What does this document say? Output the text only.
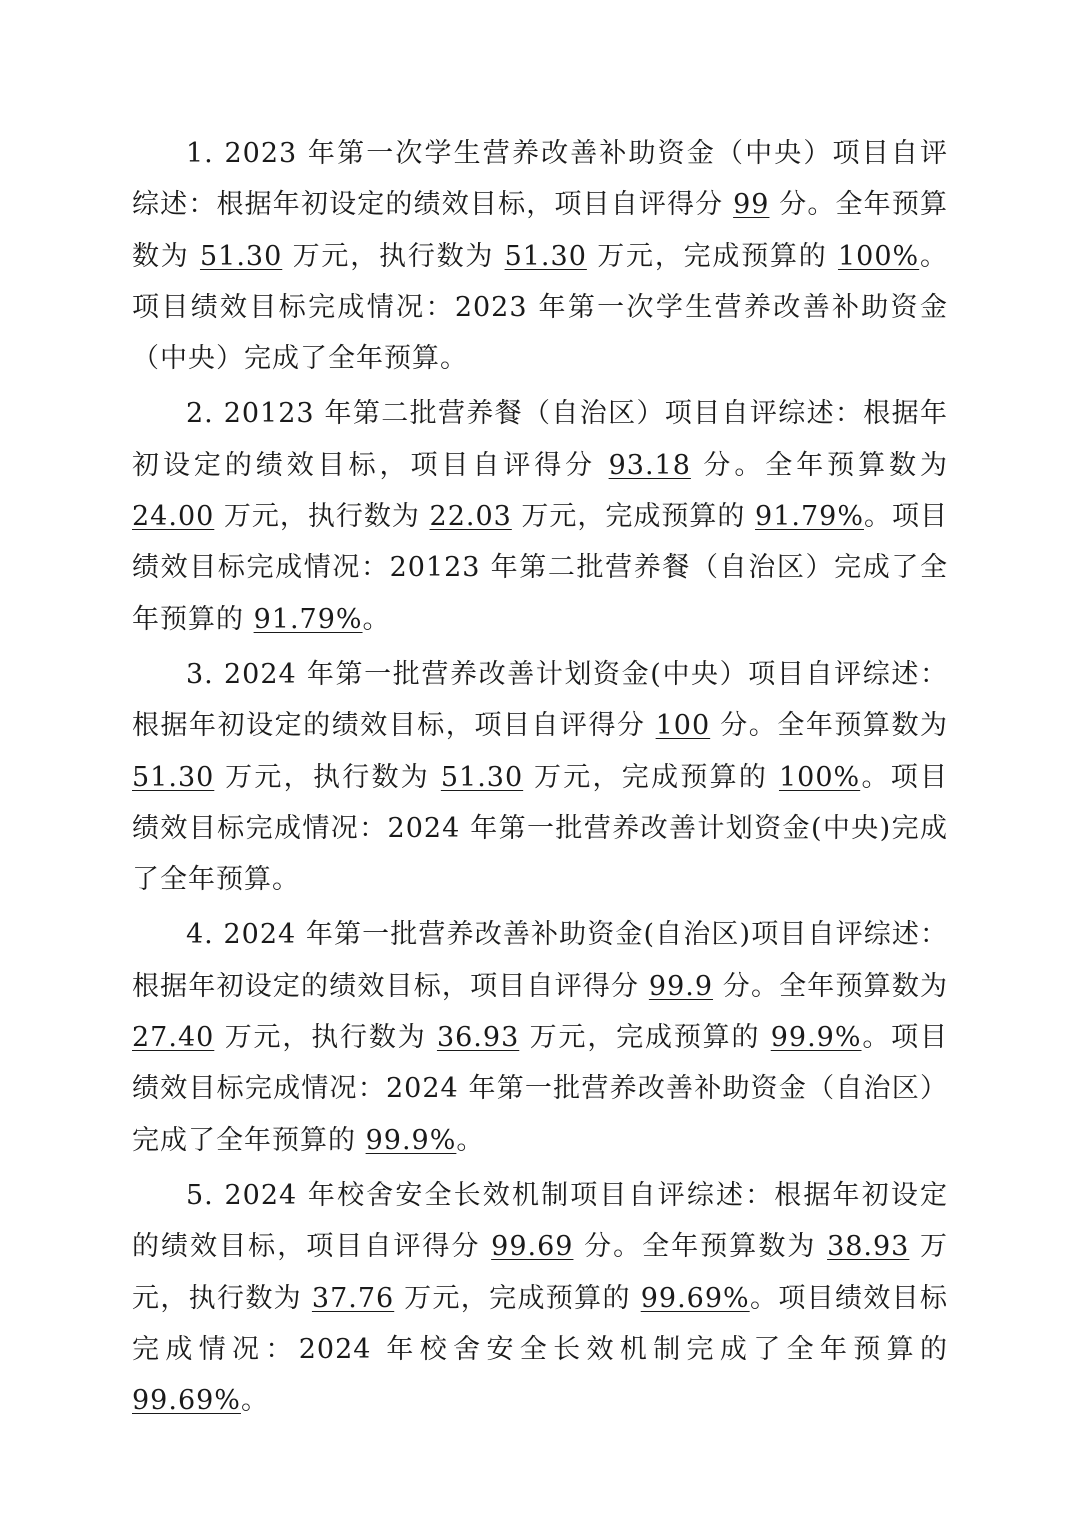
1. 2023 年第一次学生营养改善补助资金（中央）项目自评综述：根据年初设定的绩效目标，项目自评得分 99 分。全年预算数为 51.30 万元，执行数为 51.30 万元，完成预算的 100%。项目绩效目标完成情况：2023 年第一次学生营养改善补助资金（中央）完成了全年预算。

2. 20123 年第二批营养餐（自治区）项目自评综述：根据年初设定的绩效目标，项目自评得分 93.18 分。全年预算数为 24.00 万元，执行数为 22.03 万元，完成预算的 91.79%。项目绩效目标完成情况：20123 年第二批营养餐（自治区）完成了全年预算的 91.79%。

3. 2024 年第一批营养改善计划资金(中央）项目自评综述：根据年初设定的绩效目标，项目自评得分 100 分。全年预算数为 51.30 万元，执行数为 51.30 万元，完成预算的 100%。项目绩效目标完成情况：2024 年第一批营养改善计划资金(中央)完成了全年预算。

4. 2024 年第一批营养改善补助资金(自治区)项目自评综述：根据年初设定的绩效目标，项目自评得分 99.9 分。全年预算数为 27.40 万元，执行数为 36.93 万元，完成预算的 99.9%。项目绩效目标完成情况：2024 年第一批营养改善补助资金（自治区）完成了全年预算的 99.9%。

5. 2024 年校舍安全长效机制项目自评综述：根据年初设定的绩效目标，项目自评得分 99.69 分。全年预算数为 38.93 万元，执行数为 37.76 万元，完成预算的 99.69%。项目绩效目标完成情况：2024 年校舍安全长效机制完成了全年预算的 99.69%。
